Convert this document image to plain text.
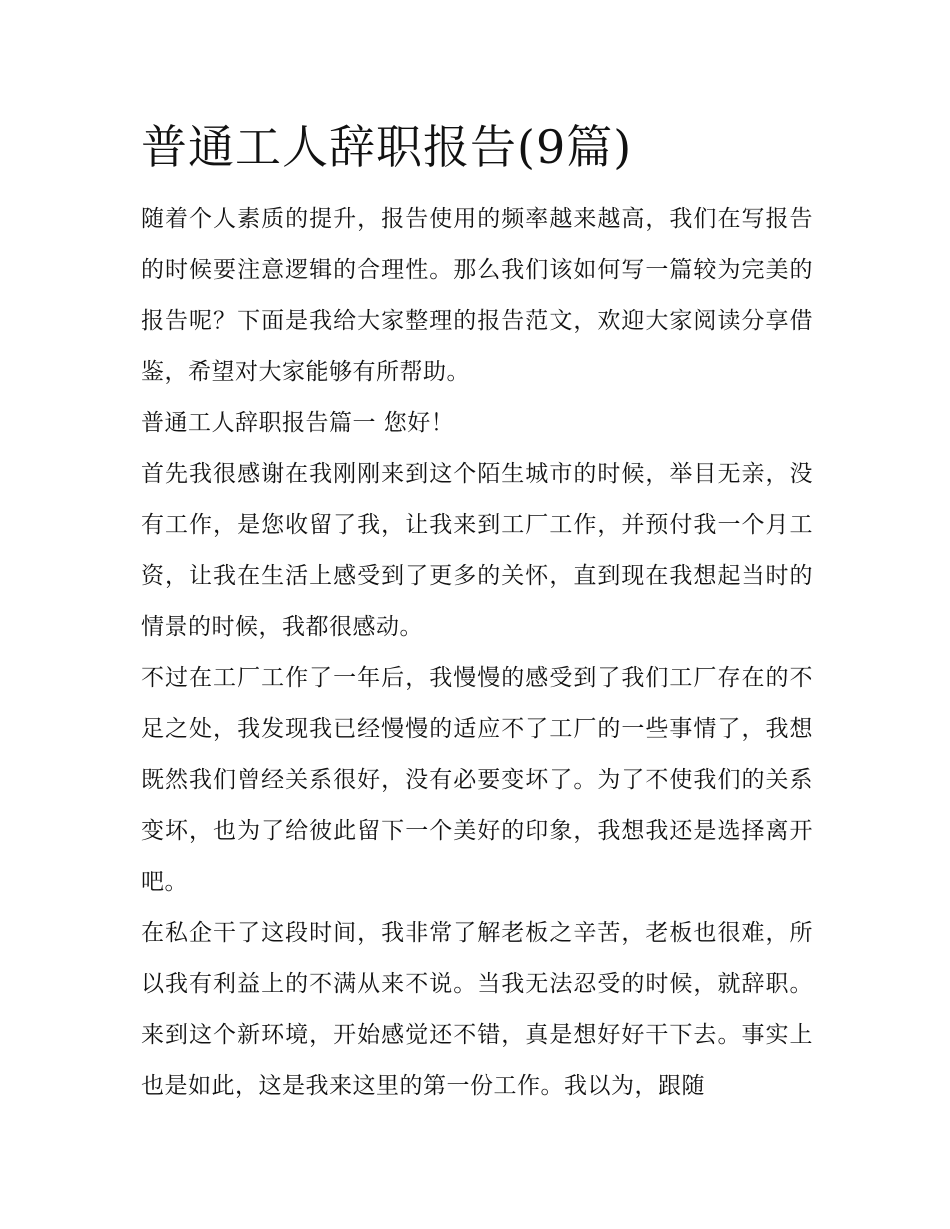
普通工人辞职报告(9篇)

随着个人素质的提升，报告使用的频率越来越高，我们在写报告的时候要注意逻辑的合理性。那么我们该如何写一篇较为完美的报告呢？下面是我给大家整理的报告范文，欢迎大家阅读分享借鉴，希望对大家能够有所帮助。

普通工人辞职报告篇一 您好！

首先我很感谢在我刚刚来到这个陌生城市的时候，举目无亲，没有工作，是您收留了我，让我来到工厂工作，并预付我一个月工资，让我在生活上感受到了更多的关怀，直到现在我想起当时的情景的时候，我都很感动。

不过在工厂工作了一年后，我慢慢的感受到了我们工厂存在的不足之处，我发现我已经慢慢的适应不了工厂的一些事情了，我想既然我们曾经关系很好，没有必要变坏了。为了不使我们的关系变坏，也为了给彼此留下一个美好的印象，我想我还是选择离开吧。

在私企干了这段时间，我非常了解老板之辛苦，老板也很难，所以我有利益上的不满从来不说。当我无法忍受的时候，就辞职。来到这个新环境，开始感觉还不错，真是想好好干下去。事实上也是如此，这是我来这里的第一份工作。我以为，跟随
